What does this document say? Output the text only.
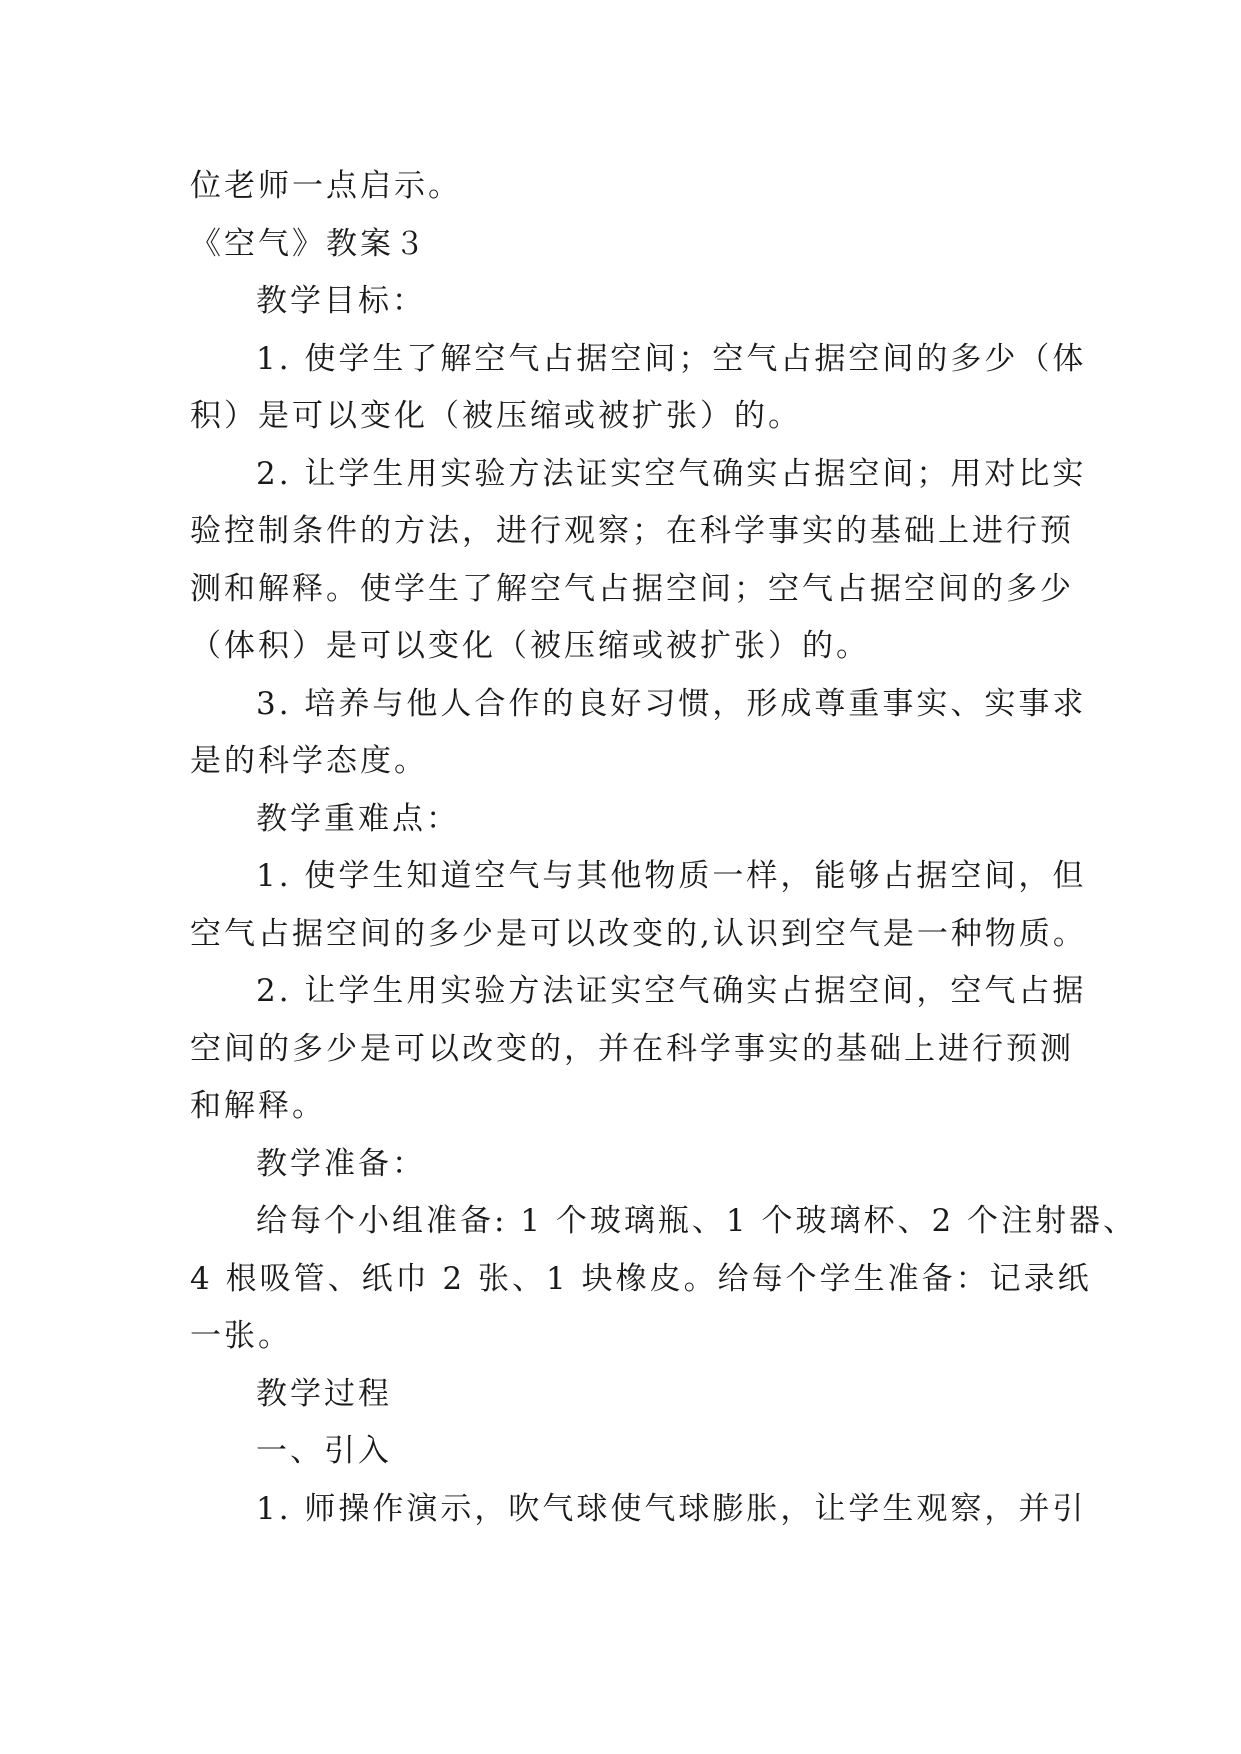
位老师一点启示。
《空气》教案３
教学目标：
1. 使学生了解空气占据空间；空气占据空间的多少（体
积）是可以变化（被压缩或被扩张）的。
2. 让学生用实验方法证实空气确实占据空间；用对比实
验控制条件的方法，进行观察；在科学事实的基础上进行预
测和解释。使学生了解空气占据空间；空气占据空间的多少
（体积）是可以变化（被压缩或被扩张）的。
3. 培养与他人合作的良好习惯，形成尊重事实、实事求
是的科学态度。
教学重难点：
1. 使学生知道空气与其他物质一样，能够占据空间，但
空气占据空间的多少是可以改变的,认识到空气是一种物质。
2. 让学生用实验方法证实空气确实占据空间，空气占据
空间的多少是可以改变的，并在科学事实的基础上进行预测
和解释。
教学准备：
给每个小组准备: 1 个玻璃瓶、1 个玻璃杯、2 个注射器、
4 根吸管、纸巾 2 张、1 块橡皮。给每个学生准备：记录纸
一张。
教学过程
一、引入
1. 师操作演示，吹气球使气球膨胀，让学生观察，并引
